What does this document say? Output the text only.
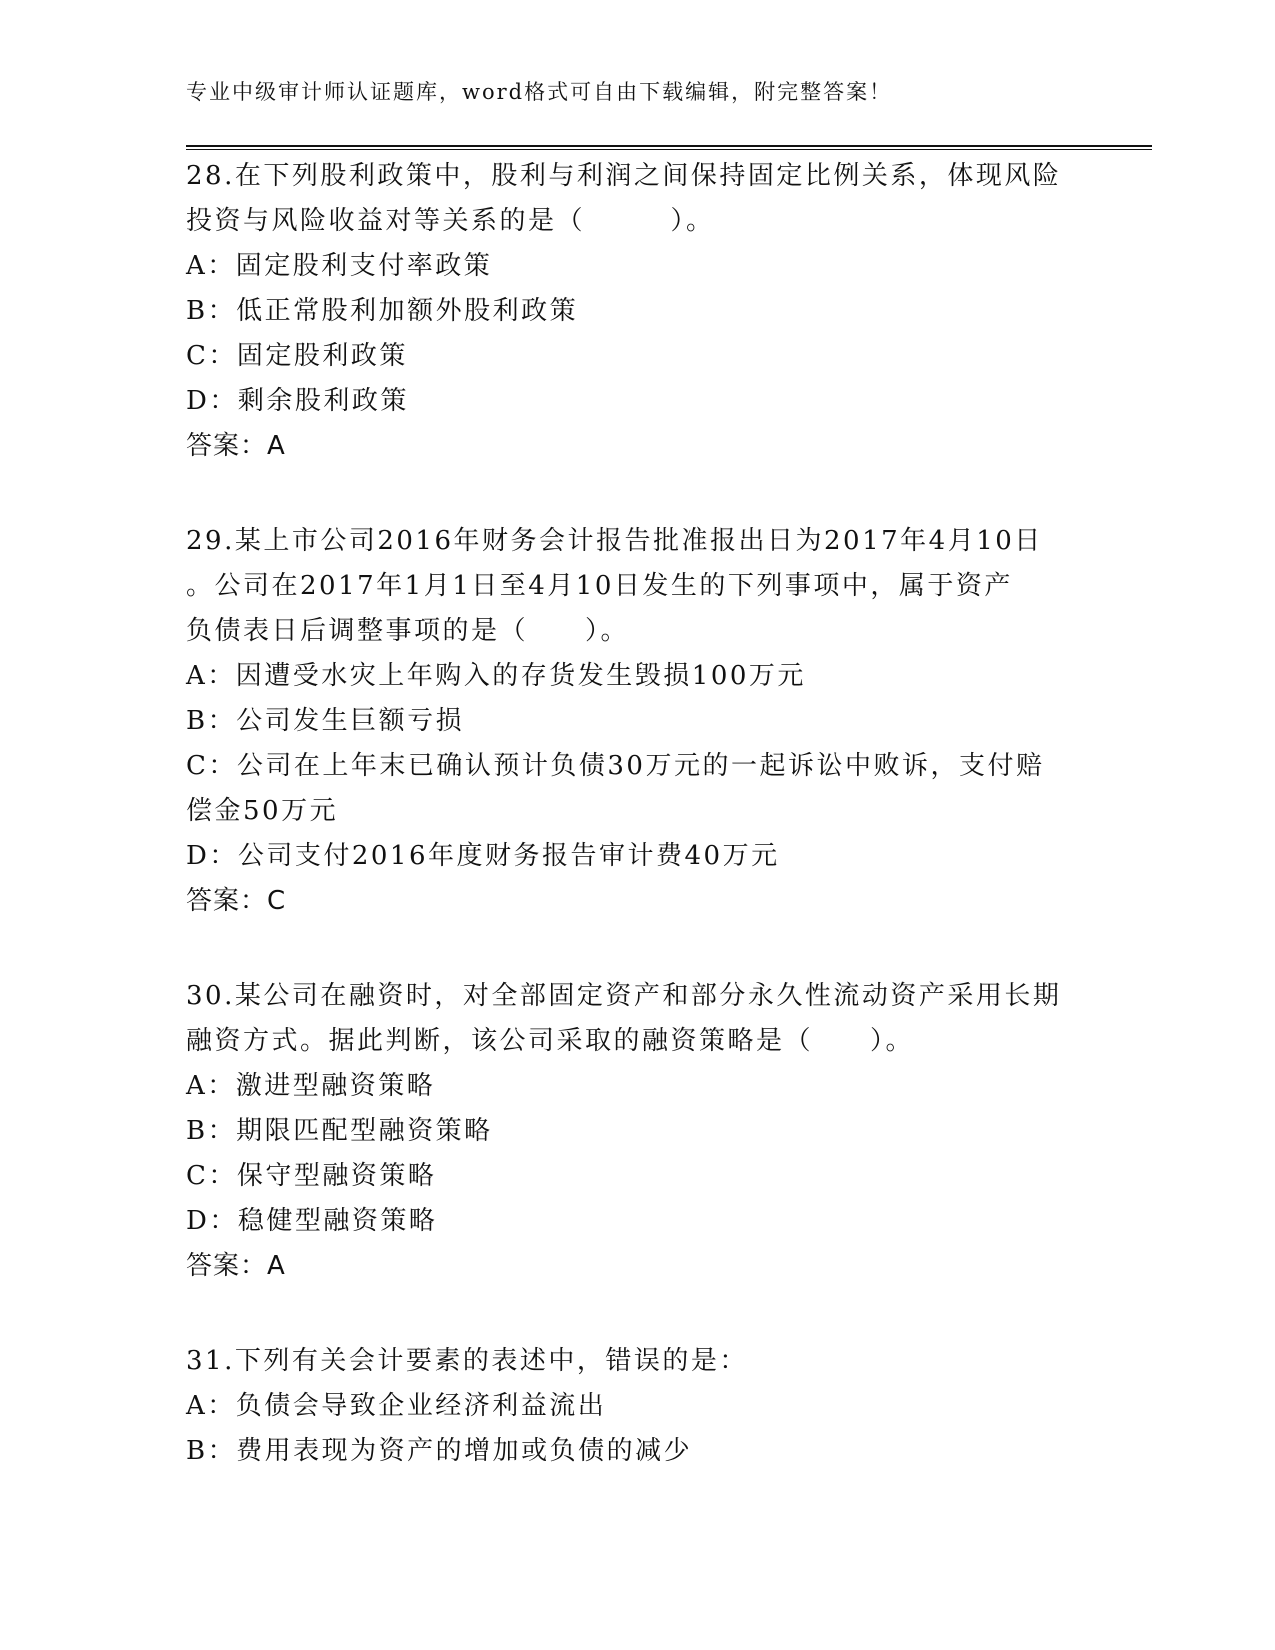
专业中级审计师认证题库，word格式可自由下载编辑，附完整答案！
28.在下列股利政策中，股利与利润之间保持固定比例关系，体现风险
投资与风险收益对等关系的是（　　　）。
A：固定股利支付率政策
B：低正常股利加额外股利政策
C：固定股利政策
D：剩余股利政策
答案：A
29.某上市公司2016年财务会计报告批准报出日为2017年4月10日
。公司在2017年1月1日至4月10日发生的下列事项中，属于资产
负债表日后调整事项的是（　　）。
A：因遭受水灾上年购入的存货发生毁损100万元
B：公司发生巨额亏损
C：公司在上年末已确认预计负债30万元的一起诉讼中败诉，支付赔
偿金50万元
D：公司支付2016年度财务报告审计费40万元
答案：C
30.某公司在融资时，对全部固定资产和部分永久性流动资产采用长期
融资方式。据此判断，该公司采取的融资策略是（　　）。
A：激进型融资策略
B：期限匹配型融资策略
C：保守型融资策略
D：稳健型融资策略
答案：A
31.下列有关会计要素的表述中，错误的是：
A：负债会导致企业经济利益流出
B：费用表现为资产的增加或负债的减少
